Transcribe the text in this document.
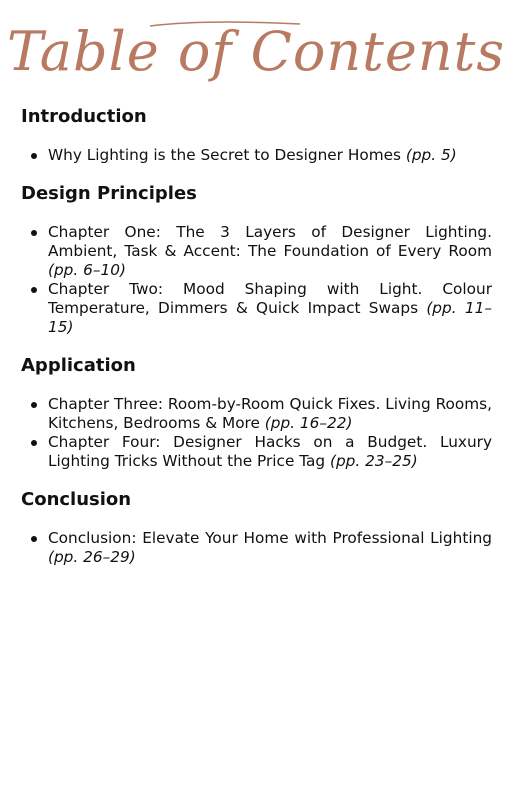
Table of Contents
Introduction
Why Lighting is the Secret to Designer Homes (pp. 5)
Design Principles
Chapter One: The 3 Layers of Designer Lighting. Ambient, Task & Accent: The Foundation of Every Room (pp. 6–10)
Chapter Two: Mood Shaping with Light. Colour Temperature, Dimmers & Quick Impact Swaps (pp. 11–15)
Application
Chapter Three: Room-by-Room Quick Fixes. Living Rooms, Kitchens, Bedrooms & More (pp. 16–22)
Chapter Four: Designer Hacks on a Budget. Luxury Lighting Tricks Without the Price Tag (pp. 23–25)
Conclusion
Conclusion: Elevate Your Home with Professional Lighting (pp. 26–29)
